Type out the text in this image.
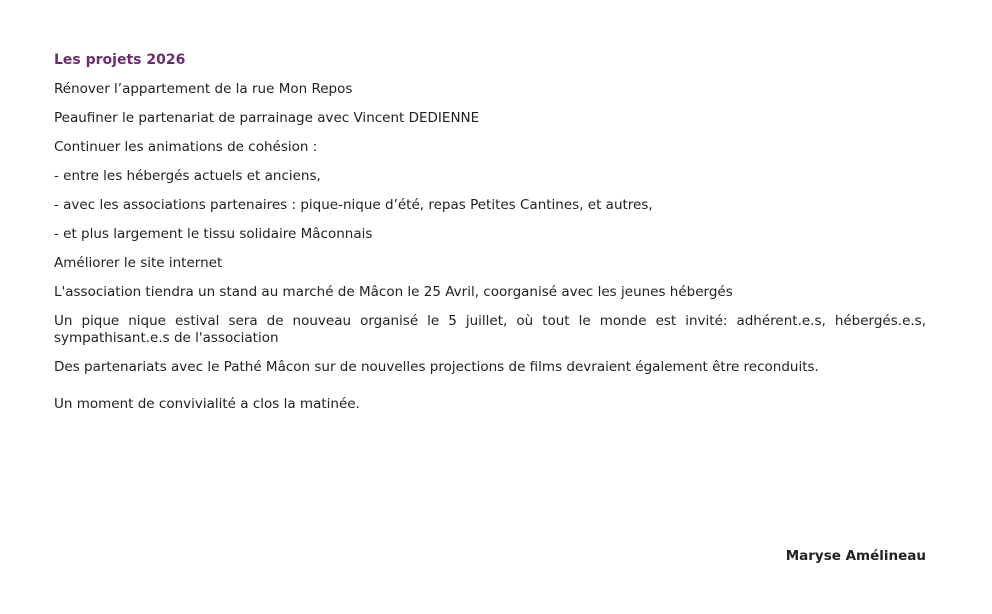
Les projets 2026
Rénover l’appartement de la rue Mon Repos
Peaufiner le partenariat de parrainage avec Vincent DEDIENNE
Continuer les animations de cohésion :
- entre les hébergés actuels et anciens,
- avec les associations partenaires : pique-nique d’été, repas Petites Cantines, et autres,
- et plus largement le tissu solidaire Mâconnais
Améliorer le site internet
L'association tiendra un stand au marché de Mâcon le 25 Avril, coorganisé avec les jeunes hébergés
Un pique nique estival sera de nouveau organisé le 5 juillet, où tout le monde est invité: adhérent.e.s, hébergés.e.s, sympathisant.e.s de l'association
Des partenariats avec le Pathé Mâcon sur de nouvelles projections de films devraient également être reconduits.
Un moment de convivialité a clos la matinée.
Maryse Amélineau
